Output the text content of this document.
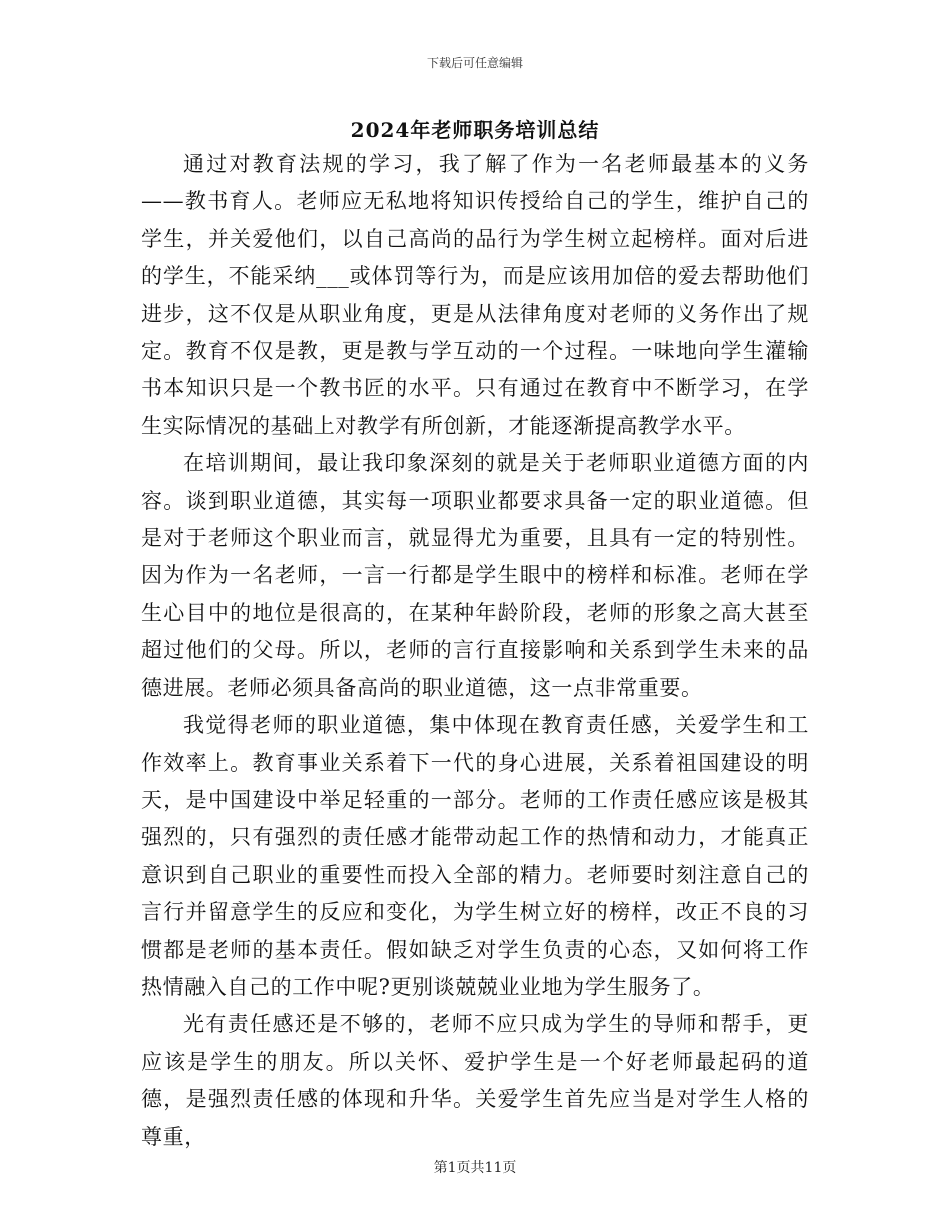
下载后可任意编辑
2024年老师职务培训总结

通过对教育法规的学习，我了解了作为一名老师最基本的义务——教书育人。老师应无私地将知识传授给自己的学生，维护自己的学生，并关爱他们，以自己高尚的品行为学生树立起榜样。面对后进的学生，不能采纳___或体罚等行为，而是应该用加倍的爱去帮助他们进步，这不仅是从职业角度，更是从法律角度对老师的义务作出了规定。教育不仅是教，更是教与学互动的一个过程。一味地向学生灌输书本知识只是一个教书匠的水平。只有通过在教育中不断学习，在学生实际情况的基础上对教学有所创新，才能逐渐提高教学水平。

在培训期间，最让我印象深刻的就是关于老师职业道德方面的内容。谈到职业道德，其实每一项职业都要求具备一定的职业道德。但是对于老师这个职业而言，就显得尤为重要，且具有一定的特别性。因为作为一名老师，一言一行都是学生眼中的榜样和标准。老师在学生心目中的地位是很高的，在某种年龄阶段，老师的形象之高大甚至超过他们的父母。所以，老师的言行直接影响和关系到学生未来的品德进展。老师必须具备高尚的职业道德，这一点非常重要。

我觉得老师的职业道德，集中体现在教育责任感，关爱学生和工作效率上。教育事业关系着下一代的身心进展，关系着祖国建设的明天，是中国建设中举足轻重的一部分。老师的工作责任感应该是极其强烈的，只有强烈的责任感才能带动起工作的热情和动力，才能真正意识到自己职业的重要性而投入全部的精力。老师要时刻注意自己的言行并留意学生的反应和变化，为学生树立好的榜样，改正不良的习惯都是老师的基本责任。假如缺乏对学生负责的心态，又如何将工作热情融入自己的工作中呢?更别谈兢兢业业地为学生服务了。

光有责任感还是不够的，老师不应只成为学生的导师和帮手，更应该是学生的朋友。所以关怀、爱护学生是一个好老师最起码的道德，是强烈责任感的体现和升华。关爱学生首先应当是对学生人格的尊重，

第1页共11页
